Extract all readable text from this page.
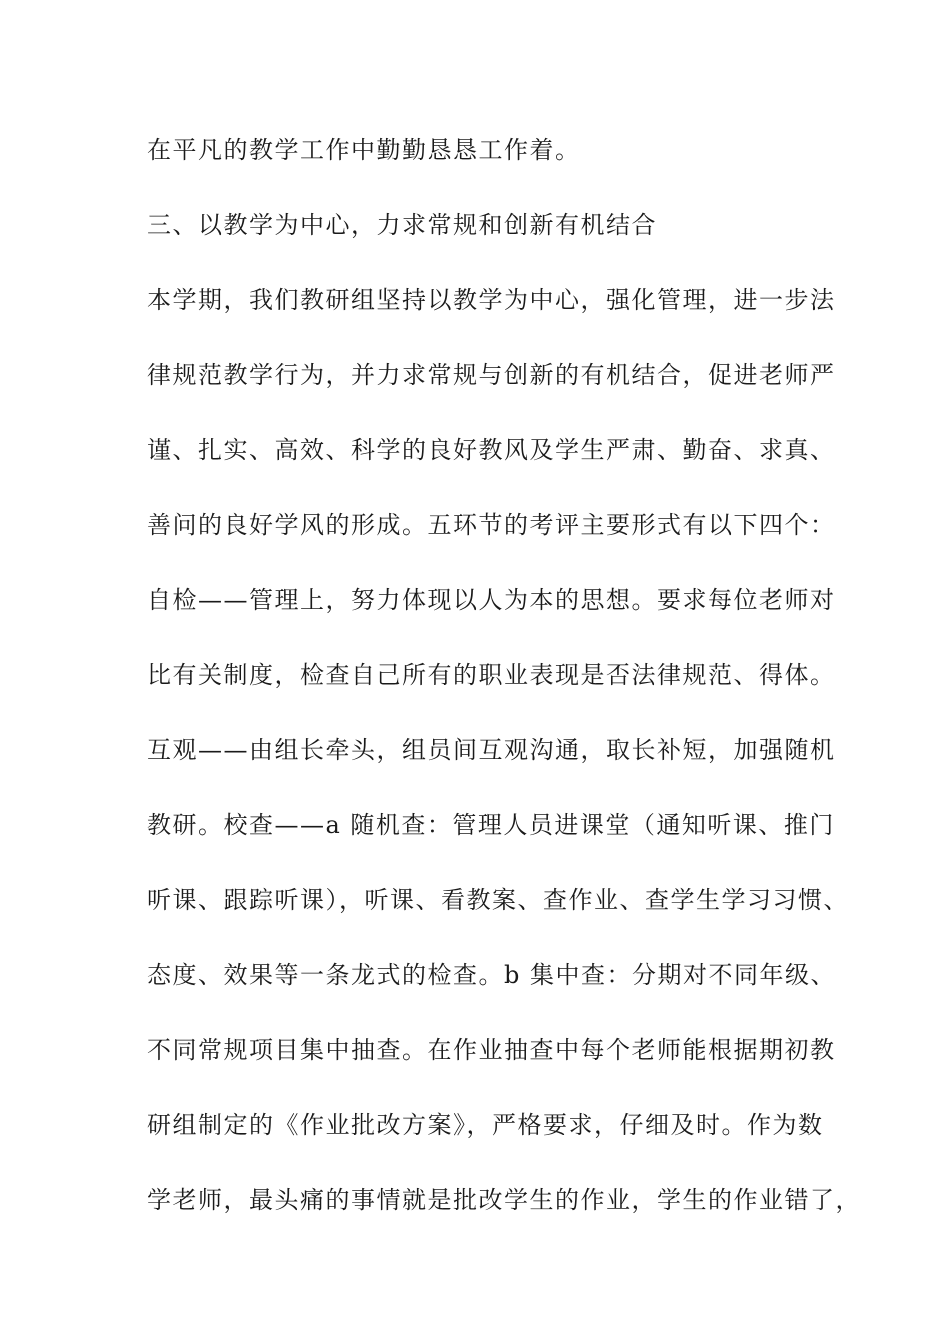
在平凡的教学工作中勤勤恳恳工作着。
三、以教学为中心，力求常规和创新有机结合
本学期，我们教研组坚持以教学为中心，强化管理，进一步法
律规范教学行为，并力求常规与创新的有机结合，促进老师严
谨、扎实、高效、科学的良好教风及学生严肃、勤奋、求真、
善问的良好学风的形成。五环节的考评主要形式有以下四个：
自检——管理上，努力体现以人为本的思想。要求每位老师对
比有关制度，检查自己所有的职业表现是否法律规范、得体。
互观——由组长牵头，组员间互观沟通，取长补短，加强随机
教研。校查——a 随机查：管理人员进课堂（通知听课、推门
听课、跟踪听课），听课、看教案、查作业、查学生学习习惯、
态度、效果等一条龙式的检查。b 集中查：分期对不同年级、
不同常规项目集中抽查。在作业抽查中每个老师能根据期初教
研组制定的《作业批改方案》，严格要求，仔细及时。作为数
学老师，最头痛的事情就是批改学生的作业，学生的作业错了，
